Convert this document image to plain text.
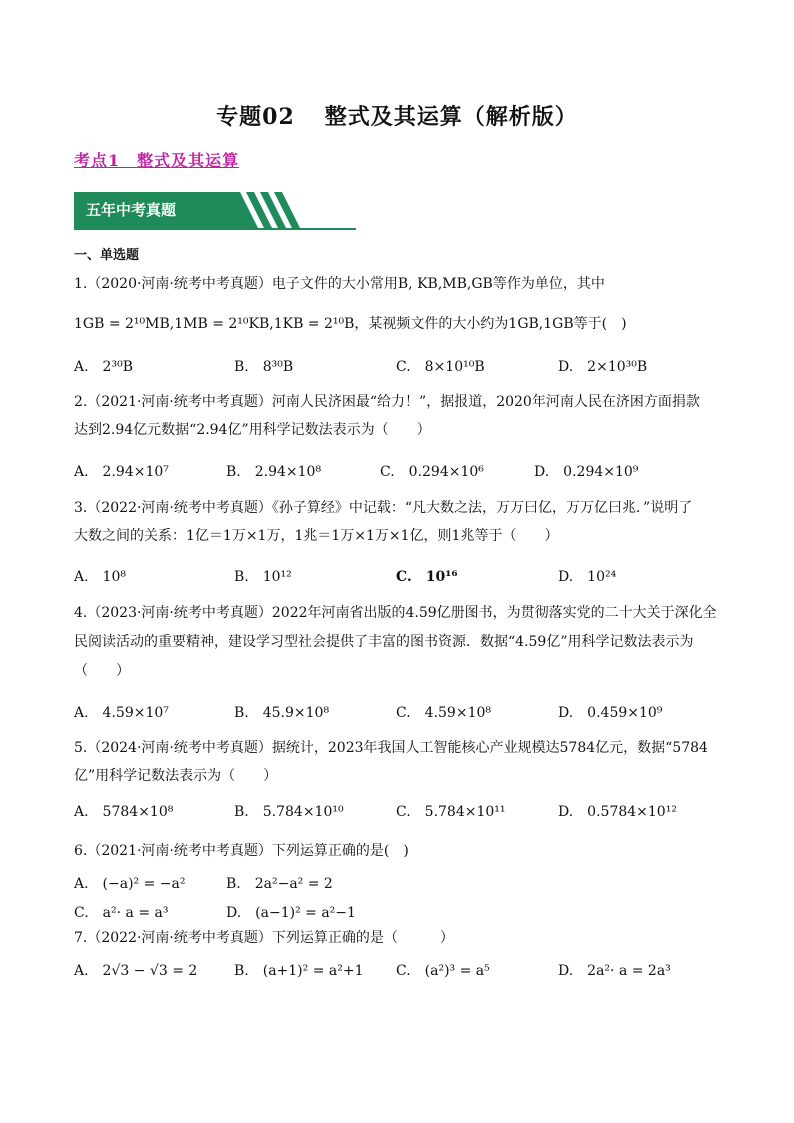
专题02 整式及其运算（解析版）
考点1　整式及其运算
五年中考真题
一、单选题
1.（2020·河南·统考中考真题）电子文件的大小常用B, KB,MB,GB等作为单位，其中
1GB = 2¹⁰MB,1MB = 2¹⁰KB,1KB = 2¹⁰B，某视频文件的大小约为1GB,1GB等于(　)
A.　2³⁰B	B.　8³⁰B	C.　8×10¹⁰B	D.　2×10³⁰B
2.（2021·河南·统考中考真题）河南人民济困最“给力！”，据报道，2020年河南人民在济困方面捐款
达到2.94亿元数据“2.94亿”用科学记数法表示为（　　）
A.　2.94×10⁷	B.　2.94×10⁸	C.　0.294×10⁶	D.　0.294×10⁹
3.（2022·河南·统考中考真题）《孙子算经》中记载：“凡大数之法，万万曰亿，万万亿曰兆．”说明了
大数之间的关系：1亿＝1万×1万，1兆＝1万×1万×1亿，则1兆等于（　　）
A.　10⁸	B.　10¹²	C.　10¹⁶	D.　10²⁴
4.（2023·河南·统考中考真题）2022年河南省出版的4.59亿册图书，为贯彻落实党的二十大关于深化全
民阅读活动的重要精神，建设学习型社会提供了丰富的图书资源．数据“4.59亿”用科学记数法表示为
（　　）
A.　4.59×10⁷	B.　45.9×10⁸	C.　4.59×10⁸	D.　0.459×10⁹
5.（2024·河南·统考中考真题）据统计，2023年我国人工智能核心产业规模达5784亿元，数据“5784
亿”用科学记数法表示为（　　）
A.　5784×10⁸	B.　5.784×10¹⁰	C.　5.784×10¹¹	D.　0.5784×10¹²
6.（2021·河南·统考中考真题）下列运算正确的是(　)
A.　(−a)² = −a²	B.　2a²−a² = 2
C.　a²· a = a³	D.　(a−1)² = a²−1
7.（2022·河南·统考中考真题）下列运算正确的是（　　　）
A.　2√3 − √3 = 2	B.　(a+1)² = a²+1 C.　(a²)³ = a⁵	D.　2a²· a = 2a³
